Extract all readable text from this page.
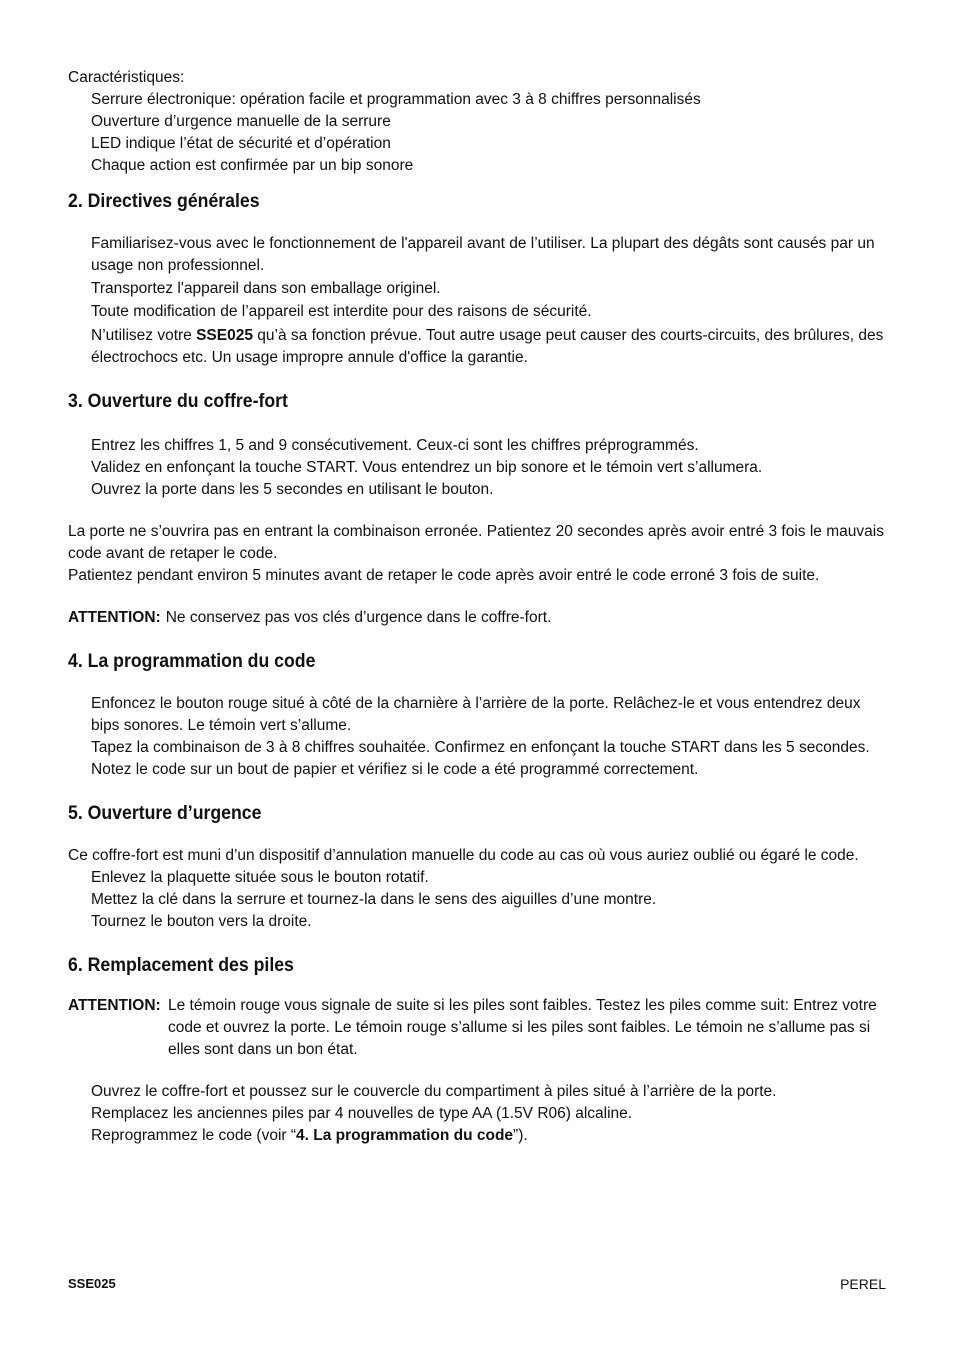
Caractéristiques:

Serrure électronique: opération facile et programmation avec 3 à 8 chiffres personnalisés

Ouverture d’urgence manuelle de la serrure

LED indique l’état de sécurité et d’opération

Chaque action est confirmée par un bip sonore

2. Directives générales

Familiarisez-vous avec le fonctionnement de l'appareil avant de l’utiliser. La plupart des dégâts sont causés par un usage non professionnel.

Transportez l'appareil dans son emballage originel.

Toute modification de l’appareil est interdite pour des raisons de sécurité.

N’utilisez votre SSE025 qu’à sa fonction prévue. Tout autre usage peut causer des courts-circuits, des brûlures, des électrochocs etc. Un usage impropre annule d'office la garantie.

3. Ouverture du coffre-fort

Entrez les chiffres 1, 5 and 9 consécutivement. Ceux-ci sont les chiffres préprogrammés.

Validez en enfonçant la touche START. Vous entendrez un bip sonore et le témoin vert s’allumera.

Ouvrez la porte dans les 5 secondes en utilisant le bouton.

La porte ne s’ouvrira pas en entrant la combinaison erronée. Patientez 20 secondes après avoir entré 3 fois le mauvais code avant de retaper le code.

Patientez pendant environ 5 minutes avant de retaper le code après avoir entré le code erroné 3 fois de suite.

ATTENTION: Ne conservez pas vos clés d’urgence dans le coffre-fort.
4. La programmation du code

Enfoncez le bouton rouge situé à côté de la charnière à l’arrière de la porte. Relâchez-le et vous entendrez deux bips sonores. Le témoin vert s’allume.

Tapez la combinaison de 3 à 8 chiffres souhaitée. Confirmez en enfonçant la touche START dans les 5 secondes.

Notez le code sur un bout de papier et vérifiez si le code a été programmé correctement.

5. Ouverture d’urgence

Ce coffre-fort est muni d’un dispositif d’annulation manuelle du code au cas où vous auriez oublié ou égaré le code.

Enlevez la plaquette située sous le bouton rotatif.

Mettez la clé dans la serrure et tournez-la dans le sens des aiguilles d’une montre.

Tournez le bouton vers la droite.

6. Remplacement des piles
ATTENTION: Le témoin rouge vous signale de suite si les piles sont faibles. Testez les piles comme suit: Entrez votre code et ouvrez la porte. Le témoin rouge s’allume si les piles sont faibles. Le témoin ne s’allume pas si elles sont dans un bon état.

Ouvrez le coffre-fort et poussez sur le couvercle du compartiment à piles situé à l’arrière de la porte.

Remplacez les anciennes piles par 4 nouvelles de type AA (1.5V R06) alcaline.

Reprogrammez le code (voir “4. La programmation du code”).

SSE025	PEREL
